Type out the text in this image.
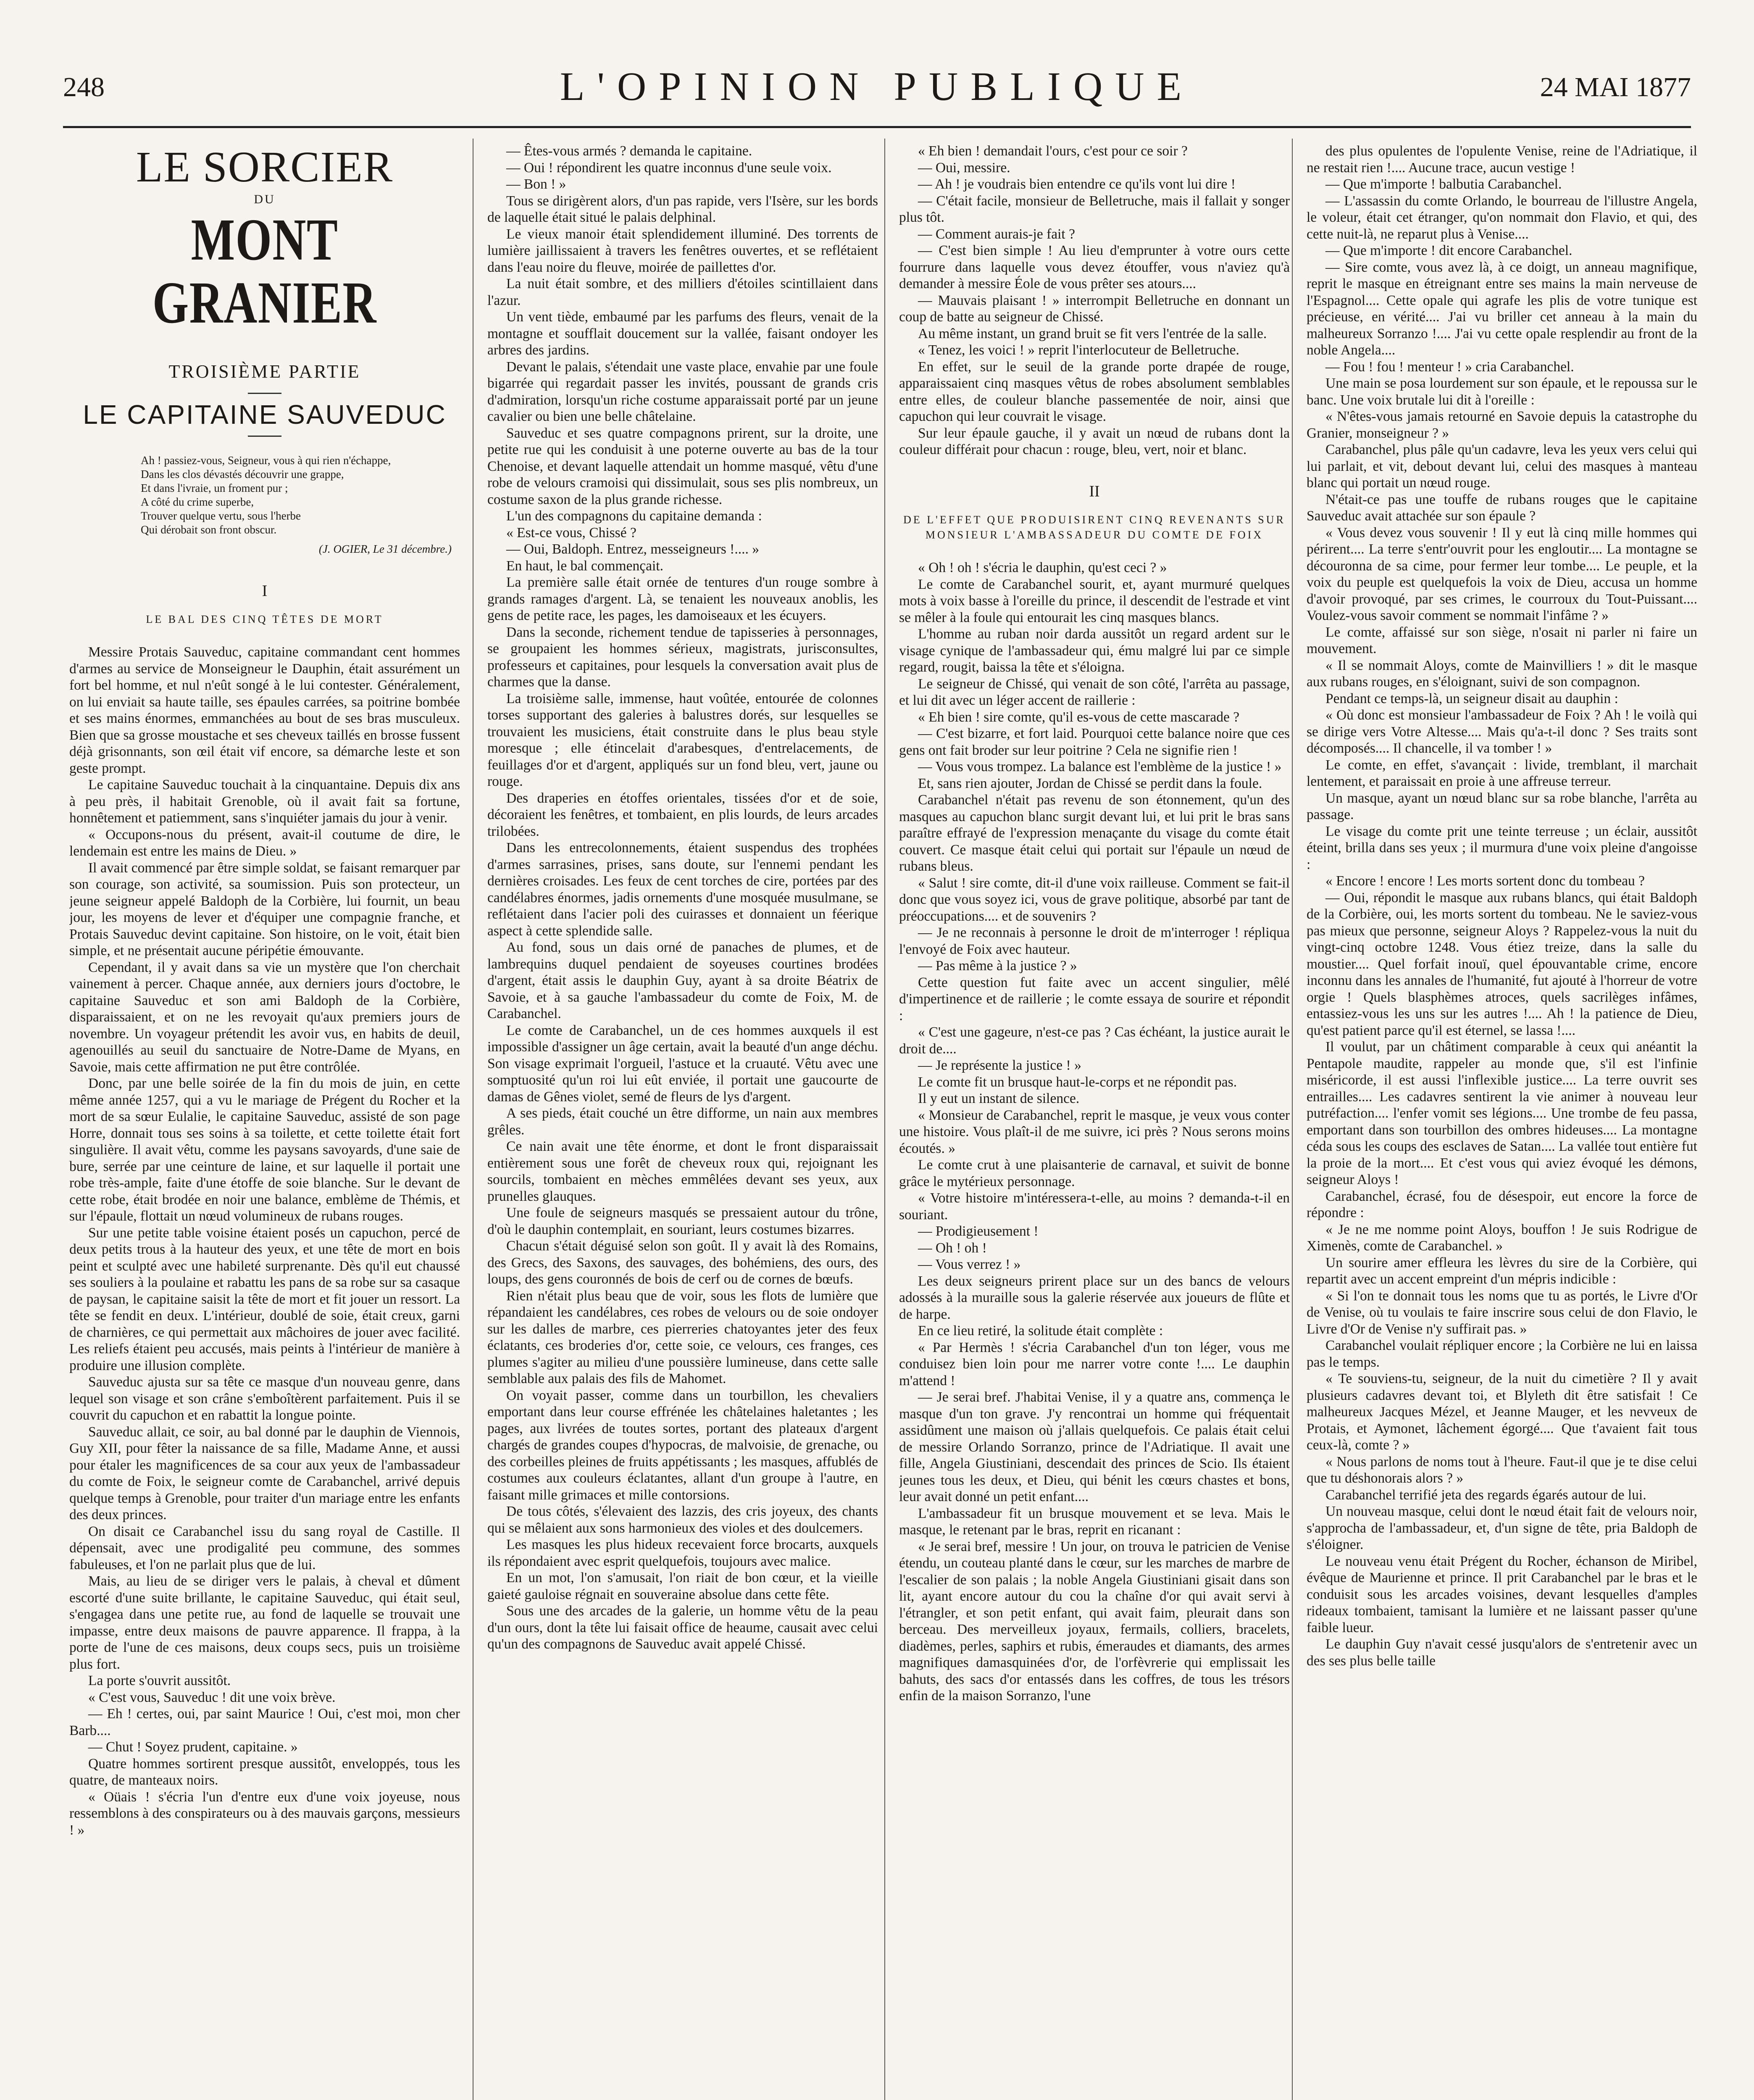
248	L'OPINION PUBLIQUE	24 MAI 1877
LE SORCIER
DU
MONT GRANIER
TROISIÈME PARTIE
LE CAPITAINE SAUVEDUC
Ah ! passiez-vous, Seigneur, vous à qui rien n'échappe,
Dans les clos dévastés découvrir une grappe,
Et dans l'ivraie, un froment pur ;
A côté du crime superbe,
Trouver quelque vertu, sous l'herbe
Qui dérobait son front obscur.
(J. OGIER, Le 31 décembre.)
I
LE BAL DES CINQ TÊTES DE MORT

Messire Protais Sauveduc, capitaine commandant cent hommes d'armes au service de Monseigneur le Dauphin, était assurément un fort bel homme, et nul n'eût songé à le lui contester. Généralement, on lui enviait sa haute taille, ses épaules carrées, sa poitrine bombée et ses mains énormes, emmanchées au bout de ses bras musculeux. Bien que sa grosse moustache et ses cheveux taillés en brosse fussent déjà grisonnants, son œil était vif encore, sa démarche leste et son geste prompt.

Le capitaine Sauveduc touchait à la cinquantaine. Depuis dix ans à peu près, il habitait Grenoble, où il avait fait sa fortune, honnêtement et patiemment, sans s'inquiéter jamais du jour à venir.

« Occupons-nous du présent, avait-il coutume de dire, le lendemain est entre les mains de Dieu. »

Il avait commencé par être simple soldat, se faisant remarquer par son courage, son activité, sa soumission. Puis son protecteur, un jeune seigneur appelé Baldoph de la Corbière, lui fournit, un beau jour, les moyens de lever et d'équiper une compagnie franche, et Protais Sauveduc devint capitaine. Son histoire, on le voit, était bien simple, et ne présentait aucune péripétie émouvante.

Cependant, il y avait dans sa vie un mystère que l'on cherchait vainement à percer. Chaque année, aux derniers jours d'octobre, le capitaine Sauveduc et son ami Baldoph de la Corbière, disparaissaient, et on ne les revoyait qu'aux premiers jours de novembre. Un voyageur prétendit les avoir vus, en habits de deuil, agenouillés au seuil du sanctuaire de Notre-Dame de Myans, en Savoie, mais cette affirmation ne put être contrôlée.

Donc, par une belle soirée de la fin du mois de juin, en cette même année 1257, qui a vu le mariage de Prégent du Rocher et la mort de sa sœur Eulalie, le capitaine Sauveduc, assisté de son page Horre, donnait tous ses soins à sa toilette, et cette toilette était fort singulière. Il avait vêtu, comme les paysans savoyards, d'une saie de bure, serrée par une ceinture de laine, et sur laquelle il portait une robe très-ample, faite d'une étoffe de soie blanche. Sur le devant de cette robe, était brodée en noir une balance, emblème de Thémis, et sur l'épaule, flottait un nœud volumineux de rubans rouges.

Sur une petite table voisine étaient posés un capuchon, percé de deux petits trous à la hauteur des yeux, et une tête de mort en bois peint et sculpté avec une habileté surprenante. Dès qu'il eut chaussé ses souliers à la poulaine et rabattu les pans de sa robe sur sa casaque de paysan, le capitaine saisit la tête de mort et fit jouer un ressort. La tête se fendit en deux. L'intérieur, doublé de soie, était creux, garni de charnières, ce qui permettait aux mâchoires de jouer avec facilité. Les reliefs étaient peu accusés, mais peints à l'intérieur de manière à produire une illusion complète.

Sauveduc ajusta sur sa tête ce masque d'un nouveau genre, dans lequel son visage et son crâne s'emboîtèrent parfaitement. Puis il se couvrit du capuchon et en rabattit la longue pointe.

Sauveduc allait, ce soir, au bal donné par le dauphin de Viennois, Guy XII, pour fêter la naissance de sa fille, Madame Anne, et aussi pour étaler les magnificences de sa cour aux yeux de l'ambassadeur du comte de Foix, le seigneur comte de Carabanchel, arrivé depuis quelque temps à Grenoble, pour traiter d'un mariage entre les enfants des deux princes.

On disait ce Carabanchel issu du sang royal de Castille. Il dépensait, avec une prodigalité peu commune, des sommes fabuleuses, et l'on ne parlait plus que de lui.

Mais, au lieu de se diriger vers le palais, à cheval et dûment escorté d'une suite brillante, le capitaine Sauveduc, qui était seul, s'engagea dans une petite rue, au fond de laquelle se trouvait une impasse, entre deux maisons de pauvre apparence. Il frappa, à la porte de l'une de ces maisons, deux coups secs, puis un troisième plus fort.

La porte s'ouvrit aussitôt.

« C'est vous, Sauveduc ! dit une voix brève.

— Eh ! certes, oui, par saint Maurice ! Oui, c'est moi, mon cher Barb....

— Chut ! Soyez prudent, capitaine. »

Quatre hommes sortirent presque aussitôt, enveloppés, tous les quatre, de manteaux noirs.

« Oüais ! s'écria l'un d'entre eux d'une voix joyeuse, nous ressemblons à des conspirateurs ou à des mauvais garçons, messieurs ! »

— Êtes-vous armés ? demanda le capitaine.

— Oui ! répondirent les quatre inconnus d'une seule voix.

— Bon ! »

Tous se dirigèrent alors, d'un pas rapide, vers l'Isère, sur les bords de laquelle était situé le palais delphinal.

Le vieux manoir était splendidement illuminé. Des torrents de lumière jaillissaient à travers les fenêtres ouvertes, et se reflétaient dans l'eau noire du fleuve, moirée de paillettes d'or.

La nuit était sombre, et des milliers d'étoiles scintillaient dans l'azur.

Un vent tiède, embaumé par les parfums des fleurs, venait de la montagne et soufflait doucement sur la vallée, faisant ondoyer les arbres des jardins.

Devant le palais, s'étendait une vaste place, envahie par une foule bigarrée qui regardait passer les invités, poussant de grands cris d'admiration, lorsqu'un riche costume apparaissait porté par un jeune cavalier ou bien une belle châtelaine.

Sauveduc et ses quatre compagnons prirent, sur la droite, une petite rue qui les conduisit à une poterne ouverte au bas de la tour Chenoise, et devant laquelle attendait un homme masqué, vêtu d'une robe de velours cramoisi qui dissimulait, sous ses plis nombreux, un costume saxon de la plus grande richesse.

L'un des compagnons du capitaine demanda :

« Est-ce vous, Chissé ?

— Oui, Baldoph. Entrez, messeigneurs !.... »

En haut, le bal commençait.

La première salle était ornée de tentures d'un rouge sombre à grands ramages d'argent. Là, se tenaient les nouveaux anoblis, les gens de petite race, les pages, les damoiseaux et les écuyers.

Dans la seconde, richement tendue de tapisseries à personnages, se groupaient les hommes sérieux, magistrats, jurisconsultes, professeurs et capitaines, pour lesquels la conversation avait plus de charmes que la danse.

La troisième salle, immense, haut voûtée, entourée de colonnes torses supportant des galeries à balustres dorés, sur lesquelles se trouvaient les musiciens, était construite dans le plus beau style moresque ; elle étincelait d'arabesques, d'entrelacements, de feuillages d'or et d'argent, appliqués sur un fond bleu, vert, jaune ou rouge.

Des draperies en étoffes orientales, tissées d'or et de soie, décoraient les fenêtres, et tombaient, en plis lourds, de leurs arcades trilobées.

Dans les entrecolonnements, étaient suspendus des trophées d'armes sarrasines, prises, sans doute, sur l'ennemi pendant les dernières croisades. Les feux de cent torches de cire, portées par des candélabres énormes, jadis ornements d'une mosquée musulmane, se reflétaient dans l'acier poli des cuirasses et donnaient un féerique aspect à cette splendide salle.

Au fond, sous un dais orné de panaches de plumes, et de lambrequins duquel pendaient de soyeuses courtines brodées d'argent, était assis le dauphin Guy, ayant à sa droite Béatrix de Savoie, et à sa gauche l'ambassadeur du comte de Foix, M. de Carabanchel.

Le comte de Carabanchel, un de ces hommes auxquels il est impossible d'assigner un âge certain, avait la beauté d'un ange déchu. Son visage exprimait l'orgueil, l'astuce et la cruauté. Vêtu avec une somptuosité qu'un roi lui eût enviée, il portait une gaucourte de damas de Gênes violet, semé de fleurs de lys d'argent.

A ses pieds, était couché un être difforme, un nain aux membres grêles.

Ce nain avait une tête énorme, et dont le front disparaissait entièrement sous une forêt de cheveux roux qui, rejoignant les sourcils, tombaient en mèches emmêlées devant ses yeux, aux prunelles glauques.

Une foule de seigneurs masqués se pressaient autour du trône, d'où le dauphin contemplait, en souriant, leurs costumes bizarres.

Chacun s'était déguisé selon son goût. Il y avait là des Romains, des Grecs, des Saxons, des sauvages, des bohémiens, des ours, des loups, des gens couronnés de bois de cerf ou de cornes de bœufs.

Rien n'était plus beau que de voir, sous les flots de lumière que répandaient les candélabres, ces robes de velours ou de soie ondoyer sur les dalles de marbre, ces pierreries chatoyantes jeter des feux éclatants, ces broderies d'or, cette soie, ce velours, ces franges, ces plumes s'agiter au milieu d'une poussière lumineuse, dans cette salle semblable aux palais des fils de Mahomet.

On voyait passer, comme dans un tourbillon, les chevaliers emportant dans leur course effrénée les châtelaines haletantes ; les pages, aux livrées de toutes sortes, portant des plateaux d'argent chargés de grandes coupes d'hypocras, de malvoisie, de grenache, ou des corbeilles pleines de fruits appétissants ; les masques, affublés de costumes aux couleurs éclatantes, allant d'un groupe à l'autre, en faisant mille grimaces et mille contorsions.

De tous côtés, s'élevaient des lazzis, des cris joyeux, des chants qui se mêlaient aux sons harmonieux des violes et des doulcemers.

Les masques les plus hideux recevaient force brocarts, auxquels ils répondaient avec esprit quelquefois, toujours avec malice.

En un mot, l'on s'amusait, l'on riait de bon cœur, et la vieille gaieté gauloise régnait en souveraine absolue dans cette fête.

Sous une des arcades de la galerie, un homme vêtu de la peau d'un ours, dont la tête lui faisait office de heaume, causait avec celui qu'un des compagnons de Sauveduc avait appelé Chissé.

« Eh bien ! demandait l'ours, c'est pour ce soir ?

— Oui, messire.

— Ah ! je voudrais bien entendre ce qu'ils vont lui dire !

— C'était facile, monsieur de Belletruche, mais il fallait y songer plus tôt.

— Comment aurais-je fait ?

— C'est bien simple ! Au lieu d'emprunter à votre ours cette fourrure dans laquelle vous devez étouffer, vous n'aviez qu'à demander à messire Éole de vous prêter ses atours....

— Mauvais plaisant ! » interrompit Belletruche en donnant un coup de batte au seigneur de Chissé.

Au même instant, un grand bruit se fit vers l'entrée de la salle.

« Tenez, les voici ! » reprit l'interlocuteur de Belletruche.

En effet, sur le seuil de la grande porte drapée de rouge, apparaissaient cinq masques vêtus de robes absolument semblables entre elles, de couleur blanche passementée de noir, ainsi que capuchon qui leur couvrait le visage.

Sur leur épaule gauche, il y avait un nœud de rubans dont la couleur différait pour chacun : rouge, bleu, vert, noir et blanc.

II
DE L'EFFET QUE PRODUISIRENT CINQ REVENANTS SUR MONSIEUR L'AMBASSADEUR DU COMTE DE FOIX

« Oh ! oh ! s'écria le dauphin, qu'est ceci ? »

Le comte de Carabanchel sourit, et, ayant murmuré quelques mots à voix basse à l'oreille du prince, il descendit de l'estrade et vint se mêler à la foule qui entourait les cinq masques blancs.

L'homme au ruban noir darda aussitôt un regard ardent sur le visage cynique de l'ambassadeur qui, ému malgré lui par ce simple regard, rougit, baissa la tête et s'éloigna.

Le seigneur de Chissé, qui venait de son côté, l'arrêta au passage, et lui dit avec un léger accent de raillerie :

« Eh bien ! sire comte, qu'il es-vous de cette mascarade ?

— C'est bizarre, et fort laid. Pourquoi cette balance noire que ces gens ont fait broder sur leur poitrine ? Cela ne signifie rien !

— Vous vous trompez. La balance est l'emblème de la justice ! »

Et, sans rien ajouter, Jordan de Chissé se perdit dans la foule.

Carabanchel n'était pas revenu de son étonnement, qu'un des masques au capuchon blanc surgit devant lui, et lui prit le bras sans paraître effrayé de l'expression menaçante du visage du comte était couvert. Ce masque était celui qui portait sur l'épaule un nœud de rubans bleus.

« Salut ! sire comte, dit-il d'une voix railleuse. Comment se fait-il donc que vous soyez ici, vous de grave politique, absorbé par tant de préoccupations.... et de souvenirs ?

— Je ne reconnais à personne le droit de m'interroger ! répliqua l'envoyé de Foix avec hauteur.

— Pas même à la justice ? »

Cette question fut faite avec un accent singulier, mêlé d'impertinence et de raillerie ; le comte essaya de sourire et répondit :

« C'est une gageure, n'est-ce pas ? Cas échéant, la justice aurait le droit de....

— Je représente la justice ! »

Le comte fit un brusque haut-le-corps et ne répondit pas.

Il y eut un instant de silence.

« Monsieur de Carabanchel, reprit le masque, je veux vous conter une histoire. Vous plaît-il de me suivre, ici près ? Nous serons moins écoutés. »

Le comte crut à une plaisanterie de carnaval, et suivit de bonne grâce le mytérieux personnage.

« Votre histoire m'intéressera-t-elle, au moins ? demanda-t-il en souriant.

— Prodigieusement !

— Oh ! oh !

— Vous verrez ! »

Les deux seigneurs prirent place sur un des bancs de velours adossés à la muraille sous la galerie réservée aux joueurs de flûte et de harpe.

En ce lieu retiré, la solitude était complète :

« Par Hermès ! s'écria Carabanchel d'un ton léger, vous me conduisez bien loin pour me narrer votre conte !.... Le dauphin m'attend !

— Je serai bref. J'habitai Venise, il y a quatre ans, commença le masque d'un ton grave. J'y rencontrai un homme qui fréquentait assidûment une maison où j'allais quelquefois. Ce palais était celui de messire Orlando Sorranzo, prince de l'Adriatique. Il avait une fille, Angela Giustiniani, descendait des princes de Scio. Ils étaient jeunes tous les deux, et Dieu, qui bénit les cœurs chastes et bons, leur avait donné un petit enfant....

L'ambassadeur fit un brusque mouvement et se leva. Mais le masque, le retenant par le bras, reprit en ricanant :

« Je serai bref, messire ! Un jour, on trouva le patricien de Venise étendu, un couteau planté dans le cœur, sur les marches de marbre de l'escalier de son palais ; la noble Angela Giustiniani gisait dans son lit, ayant encore autour du cou la chaîne d'or qui avait servi à l'étrangler, et son petit enfant, qui avait faim, pleurait dans son berceau. Des merveilleux joyaux, fermails, colliers, bracelets, diadèmes, perles, saphirs et rubis, émeraudes et diamants, des armes magnifiques damasquinées d'or, de l'orfèvrerie qui emplissait les bahuts, des sacs d'or entassés dans les coffres, de tous les trésors enfin de la maison Sorranzo, l'une

des plus opulentes de l'opulente Venise, reine de l'Adriatique, il ne restait rien !.... Aucune trace, aucun vestige !

— Que m'importe ! balbutia Carabanchel.

— L'assassin du comte Orlando, le bourreau de l'illustre Angela, le voleur, était cet étranger, qu'on nommait don Flavio, et qui, des cette nuit-là, ne reparut plus à Venise....

— Que m'importe ! dit encore Carabanchel.

— Sire comte, vous avez là, à ce doigt, un anneau magnifique, reprit le masque en étreignant entre ses mains la main nerveuse de l'Espagnol.... Cette opale qui agrafe les plis de votre tunique est précieuse, en vérité.... J'ai vu briller cet anneau à la main du malheureux Sorranzo !.... J'ai vu cette opale resplendir au front de la noble Angela....

— Fou ! fou ! menteur ! » cria Carabanchel.

Une main se posa lourdement sur son épaule, et le repoussa sur le banc. Une voix brutale lui dit à l'oreille :

« N'êtes-vous jamais retourné en Savoie depuis la catastrophe du Granier, monseigneur ? »

Carabanchel, plus pâle qu'un cadavre, leva les yeux vers celui qui lui parlait, et vit, debout devant lui, celui des masques à manteau blanc qui portait un nœud rouge.

N'était-ce pas une touffe de rubans rouges que le capitaine Sauveduc avait attachée sur son épaule ?

« Vous devez vous souvenir ! Il y eut là cinq mille hommes qui périrent.... La terre s'entr'ouvrit pour les engloutir.... La montagne se découronna de sa cime, pour fermer leur tombe.... Le peuple, et la voix du peuple est quelquefois la voix de Dieu, accusa un homme d'avoir provoqué, par ses crimes, le courroux du Tout-Puissant.... Voulez-vous savoir comment se nommait l'infâme ? »

Le comte, affaissé sur son siège, n'osait ni parler ni faire un mouvement.

« Il se nommait Aloys, comte de Mainvilliers ! » dit le masque aux rubans rouges, en s'éloignant, suivi de son compagnon.

Pendant ce temps-là, un seigneur disait au dauphin :

« Où donc est monsieur l'ambassadeur de Foix ? Ah ! le voilà qui se dirige vers Votre Altesse.... Mais qu'a-t-il donc ? Ses traits sont décomposés.... Il chancelle, il va tomber ! »

Le comte, en effet, s'avançait : livide, tremblant, il marchait lentement, et paraissait en proie à une affreuse terreur.

Un masque, ayant un nœud blanc sur sa robe blanche, l'arrêta au passage.

Le visage du comte prit une teinte terreuse ; un éclair, aussitôt éteint, brilla dans ses yeux ; il murmura d'une voix pleine d'angoisse :

« Encore ! encore ! Les morts sortent donc du tombeau ?

— Oui, répondit le masque aux rubans blancs, qui était Baldoph de la Corbière, oui, les morts sortent du tombeau. Ne le saviez-vous pas mieux que personne, seigneur Aloys ? Rappelez-vous la nuit du vingt-cinq octobre 1248. Vous étiez treize, dans la salle du moustier.... Quel forfait inouï, quel épouvantable crime, encore inconnu dans les annales de l'humanité, fut ajouté à l'horreur de votre orgie ! Quels blasphèmes atroces, quels sacrilèges infâmes, entassiez-vous les uns sur les autres !.... Ah ! la patience de Dieu, qu'est patient parce qu'il est éternel, se lassa !....

Il voulut, par un châtiment comparable à ceux qui anéantit la Pentapole maudite, rappeler au monde que, s'il est l'infinie miséricorde, il est aussi l'inflexible justice.... La terre ouvrit ses entrailles.... Les cadavres sentirent la vie animer à nouveau leur putréfaction.... l'enfer vomit ses légions.... Une trombe de feu passa, emportant dans son tourbillon des ombres hideuses.... La montagne céda sous les coups des esclaves de Satan.... La vallée tout entière fut la proie de la mort.... Et c'est vous qui aviez évoqué les démons, seigneur Aloys !

Carabanchel, écrasé, fou de désespoir, eut encore la force de répondre :

« Je ne me nomme point Aloys, bouffon ! Je suis Rodrigue de Ximenès, comte de Carabanchel. »

Un sourire amer effleura les lèvres du sire de la Corbière, qui repartit avec un accent empreint d'un mépris indicible :

« Si l'on te donnait tous les noms que tu as portés, le Livre d'Or de Venise, où tu voulais te faire inscrire sous celui de don Flavio, le Livre d'Or de Venise n'y suffirait pas. »

Carabanchel voulait répliquer encore ; la Corbière ne lui en laissa pas le temps.

« Te souviens-tu, seigneur, de la nuit du cimetière ? Il y avait plusieurs cadavres devant toi, et Blyleth dit être satisfait ! Ce malheureux Jacques Mézel, et Jeanne Mauger, et les nevveux de Protais, et Aymonet, lâchement égorgé.... Que t'avaient fait tous ceux-là, comte ? »

« Nous parlons de noms tout à l'heure. Faut-il que je te dise celui que tu déshonorais alors ? »

Carabanchel terrifié jeta des regards égarés autour de lui.

Un nouveau masque, celui dont le nœud était fait de velours noir, s'approcha de l'ambassadeur, et, d'un signe de tête, pria Baldoph de s'éloigner.

Le nouveau venu était Prégent du Rocher, échanson de Miribel, évêque de Maurienne et prince. Il prit Carabanchel par le bras et le conduisit sous les arcades voisines, devant lesquelles d'amples rideaux tombaient, tamisant la lumière et ne laissant passer qu'une faible lueur.

Le dauphin Guy n'avait cessé jusqu'alors de s'entretenir avec un des ses plus belle taille
